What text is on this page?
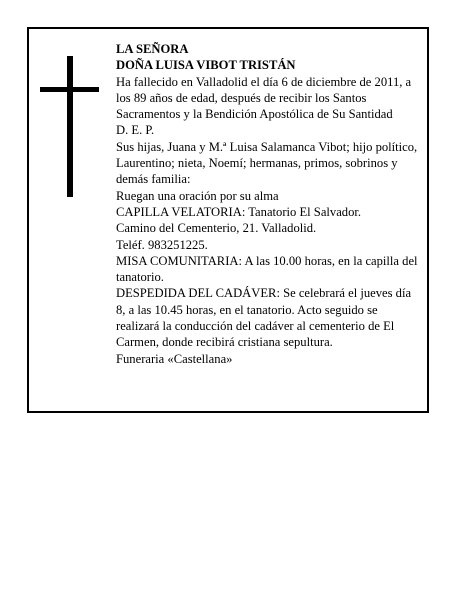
LA SEÑORA

DOÑA LUISA VIBOT TRISTÁN

Ha fallecido en Valladolid el día 6 de diciembre de 2011, a los 89 años de edad, después de recibir los Santos Sacramentos y la Bendición Apostólica de Su Santidad

D. E. P.

Sus hijas, Juana y M.ª Luisa Salamanca Vibot; hijo político, Laurentino; nieta, Noemí; hermanas, primos, sobrinos y demás familia:

Ruegan una oración por su alma

CAPILLA VELATORIA: Tanatorio El Salvador.

Camino del Cementerio, 21. Valladolid.

Teléf. 983251225.

MISA COMUNITARIA: A las 10.00 horas, en la capilla del tanatorio.

DESPEDIDA DEL CADÁVER: Se celebrará el jueves día 8, a las 10.45 horas, en el tanatorio. Acto seguido se realizará la conducción del cadáver al cementerio de El Carmen, donde recibirá cristiana sepultura.

Funeraria «Castellana»
